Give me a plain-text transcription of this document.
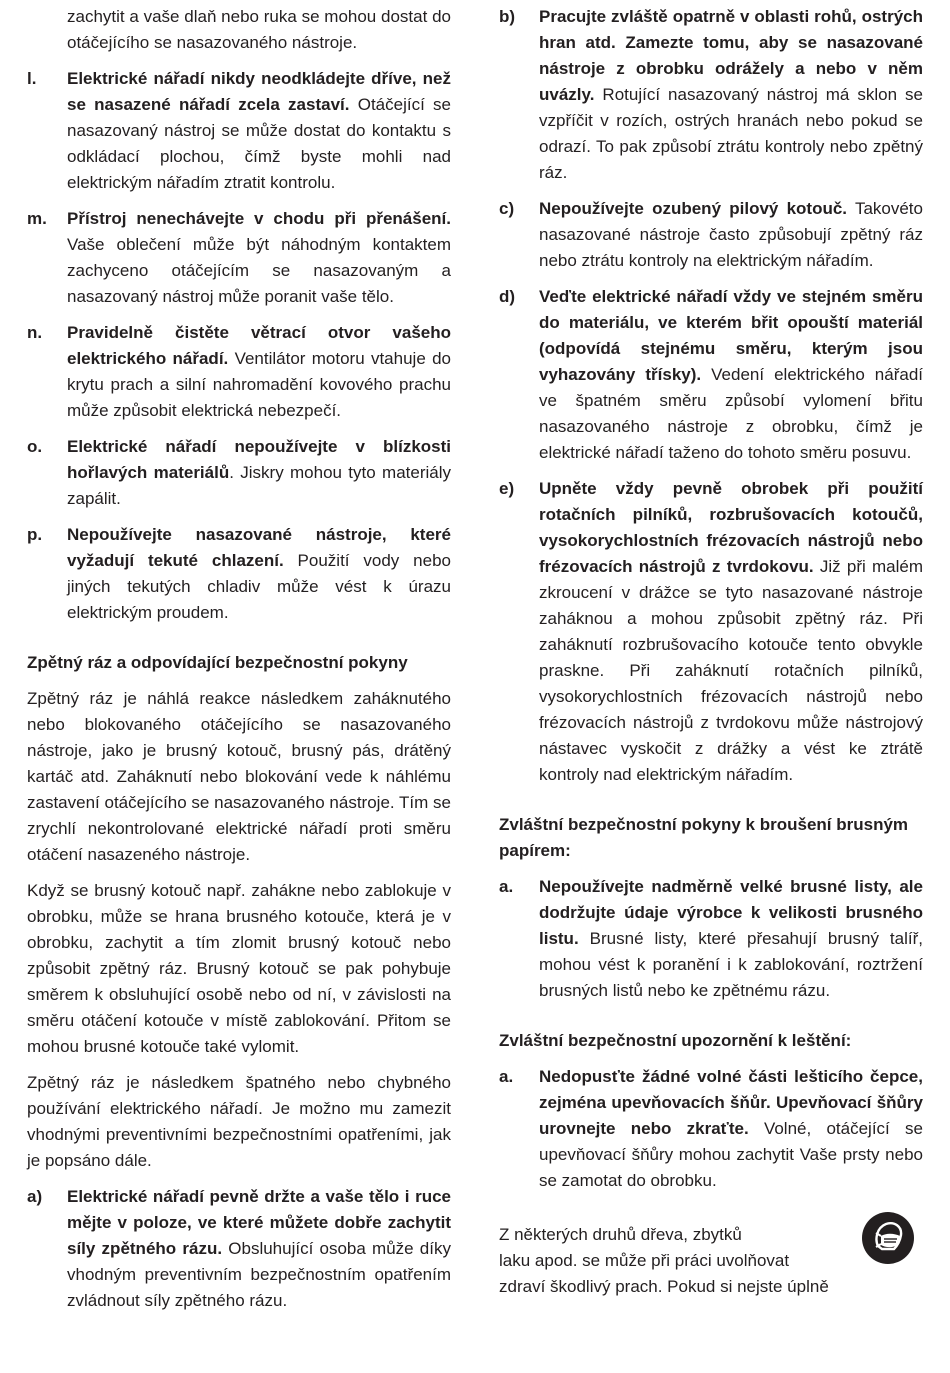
zachytit a vaše dlaň nebo ruka se mohou dostat do otáčejícího se nasazovaného nástroje.

l.	Elektrické nářadí nikdy neodkládejte dříve, než se nasazené nářadí zcela zastaví. Otáčející se nasazovaný nástroj se může dostat do kontaktu s odkládací plochou, čímž byste mohli nad elektrickým nářadím ztratit kontrolu.
m.	Přístroj nenechávejte v chodu při přenášení. Vaše oblečení může být náhodným kontaktem zachyceno otáčejícím se nasazovaným a nasazovaný nástroj může poranit vaše tělo.
n.	Pravidelně čistěte větrací otvor vašeho elektrického nářadí. Ventilátor motoru vtahuje do krytu prach a silní nahromadění kovového prachu může způsobit elektrická nebezpečí.
o.	Elektrické nářadí nepoužívejte v blízkosti hořlavých materiálů. Jiskry mohou tyto materiály zapálit.
p.	Nepoužívejte nasazované nástroje, které vyžadují tekuté chlazení. Použití vody nebo jiných tekutých chladiv může vést k úrazu elektrickým proudem.

Zpětný ráz a odpovídající bezpečnostní pokyny

Zpětný ráz je náhlá reakce následkem zaháknutého nebo blokovaného otáčejícího se nasazovaného nástroje, jako je brusný kotouč, brusný pás, drátěný kartáč atd. Zaháknutí nebo blokování vede k náhlému zastavení otáčejícího se nasazovaného nástroje. Tím se zrychlí nekontrolované elektrické nářadí proti směru otáčení nasazeného nástroje.

Když se brusný kotouč např. zahákne nebo zablokuje v obrobku, může se hrana brusného kotouče, která je v obrobku, zachytit a tím zlomit brusný kotouč nebo způsobit zpětný ráz. Brusný kotouč se pak pohybuje směrem k obsluhující osobě nebo od ní, v závislosti na směru otáčení kotouče v místě zablokování. Přitom se mohou brusné kotouče také vylomit.

Zpětný ráz je následkem špatného nebo chybného používání elektrického nářadí. Je možno mu zamezit vhodnými preventivními bezpečnostními opatřeními, jak je popsáno dále.

a)	Elektrické nářadí pevně držte a vaše tělo i ruce mějte v poloze, ve které můžete dobře zachytit síly zpětného rázu. Obsluhující osoba může díky vhodným preventivním bezpečnostním opatřením zvládnout síly zpětného rázu.
b)	Pracujte zvláště opatrně v oblasti rohů, ostrých hran atd. Zamezte tomu, aby se nasazované nástroje z obrobku odrážely a nebo v něm uvázly. Rotující nasazovaný nástroj má sklon se vzpříčit v rozích, ostrých hranách nebo pokud se odrazí. To pak způsobí ztrátu kontroly nebo zpětný ráz.
c)	Nepoužívejte ozubený pilový kotouč. Takovéto nasazované nástroje často způsobují zpětný ráz nebo ztrátu kontroly na elektrickým nářadím.
d)	Veďte elektrické nářadí vždy ve stejném směru do materiálu, ve kterém břit opouští materiál (odpovídá stejnému směru, kterým jsou vyhazovány třísky). Vedení elektrického nářadí ve špatném směru způsobí vylomení břitu nasazovaného nástroje z obrobku, čímž je elektrické nářadí taženo do tohoto směru posuvu.
e)	Upněte vždy pevně obrobek při použití rotačních pilníků, rozbrušovacích kotoučů, vysokorychlostních frézovacích nástrojů nebo frézovacích nástrojů z tvrdokovu. Již při malém zkroucení v drážce se tyto nasazované nástroje zaháknou a mohou způsobit zpětný ráz. Při zaháknutí rozbrušovacího kotouče tento obvykle praskne. Při zaháknutí rotačních pilníků, vysokorychlostních frézovacích nástrojů nebo frézovacích nástrojů z tvrdokovu může nástrojový nástavec vyskočit z drážky a vést ke ztrátě kontroly nad elektrickým nářadím.

Zvláštní bezpečnostní pokyny k broušení brusným papírem:

a.	Nepoužívejte nadměrně velké brusné listy, ale dodržujte údaje výrobce k velikosti brusného listu. Brusné listy, které přesahují brusný talíř, mohou vést k poranění i k zablokování, roztržení brusných listů nebo ke zpětnému rázu.

Zvláštní bezpečnostní upozornění k leštění:

a.	Nedopusťte žádné volné části lešticího čepce, zejména upevňovacích šňůr. Upevňovací šňůry urovnejte nebo zkraťte. Volné, otáčející se upevňovací šňůry mohou zachytit Vaše prsty nebo se zamotat do obrobku.
Z některých druhů dřeva, zbytků
laku apod. se může při práci uvolňovat
zdraví škodlivý prach. Pokud si nejste úplně
